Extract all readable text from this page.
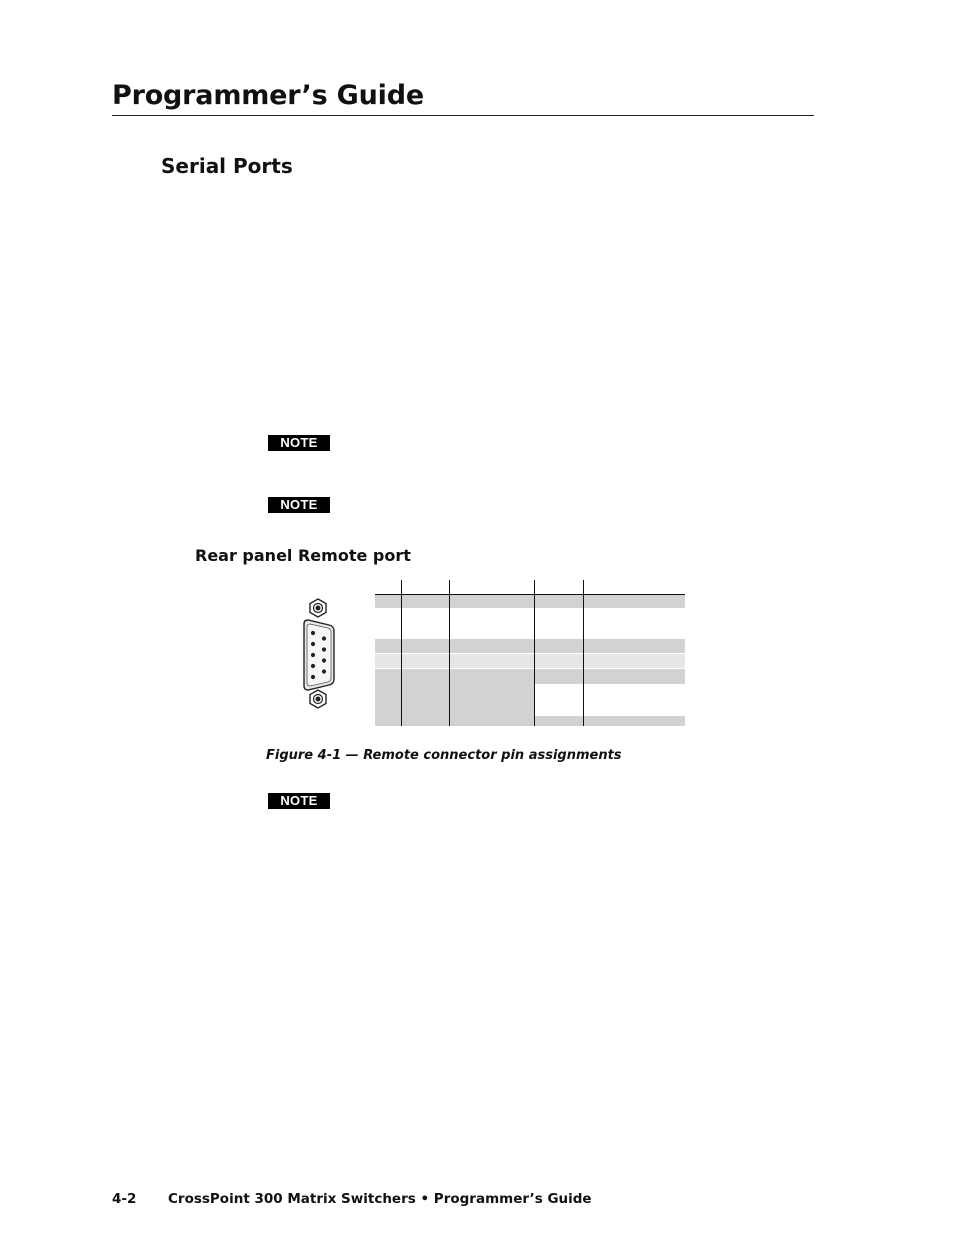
Programmer’s Guide
Serial Ports
NOTE
NOTE
Rear panel Remote port

Figure 4-1 — Remote connector pin assignments

NOTE
4-2 CrossPoint 300 Matrix Switchers • Programmer’s Guide
